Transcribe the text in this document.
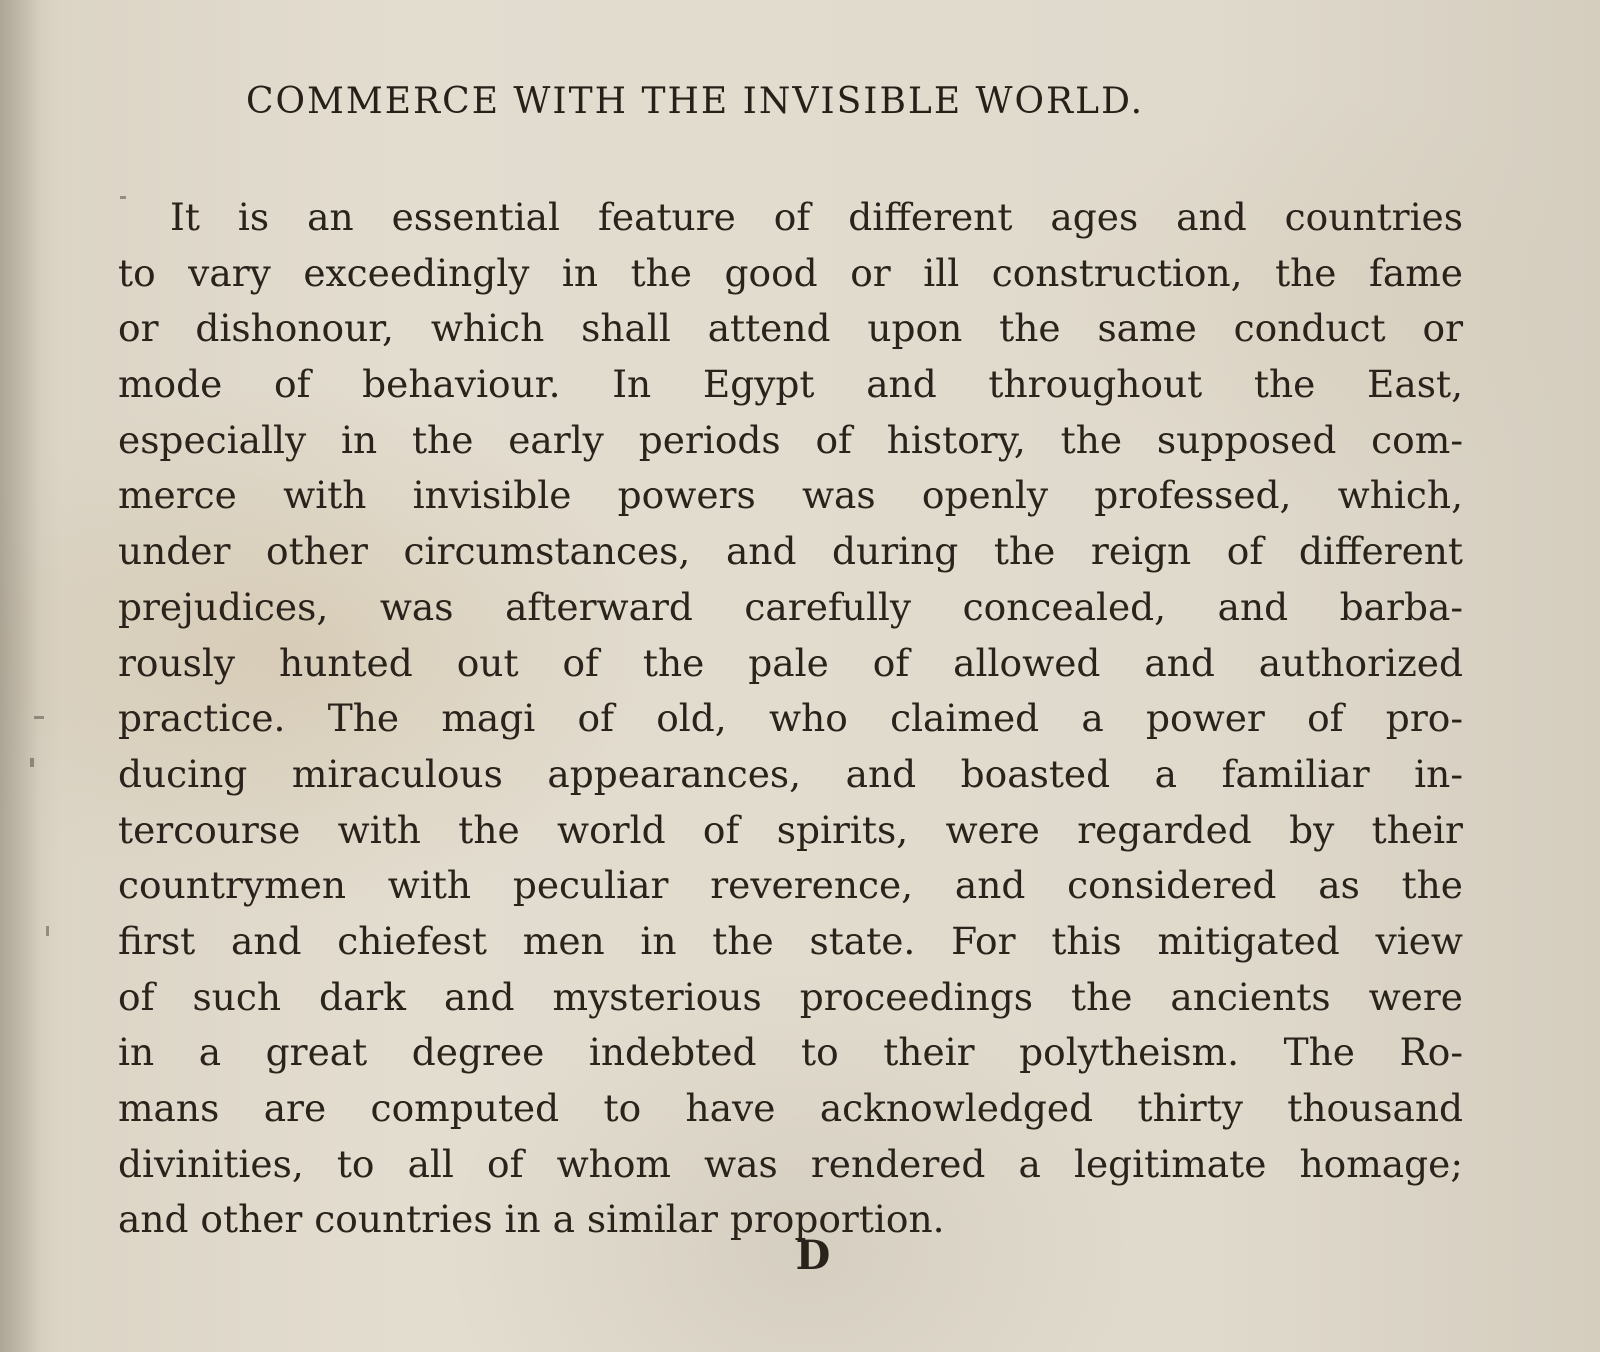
COMMERCE WITH THE INVISIBLE WORLD.
It is an essential feature of different ages and countries
to vary exceedingly in the good or ill construction, the fame
or dishonour, which shall attend upon the same conduct or
mode of behaviour. In Egypt and throughout the East,
especially in the early periods of history, the supposed com-
merce with invisible powers was openly professed, which,
under other circumstances, and during the reign of different
prejudices, was afterward carefully concealed, and barba-
rously hunted out of the pale of allowed and authorized
practice. The magi of old, who claimed a power of pro-
ducing miraculous appearances, and boasted a familiar in-
tercourse with the world of spirits, were regarded by their
countrymen with peculiar reverence, and considered as the
first and chiefest men in the state. For this mitigated view
of such dark and mysterious proceedings the ancients were
in a great degree indebted to their polytheism. The Ro-
mans are computed to have acknowledged thirty thousand
divinities, to all of whom was rendered a legitimate homage;
and other countries in a similar proportion.
D
